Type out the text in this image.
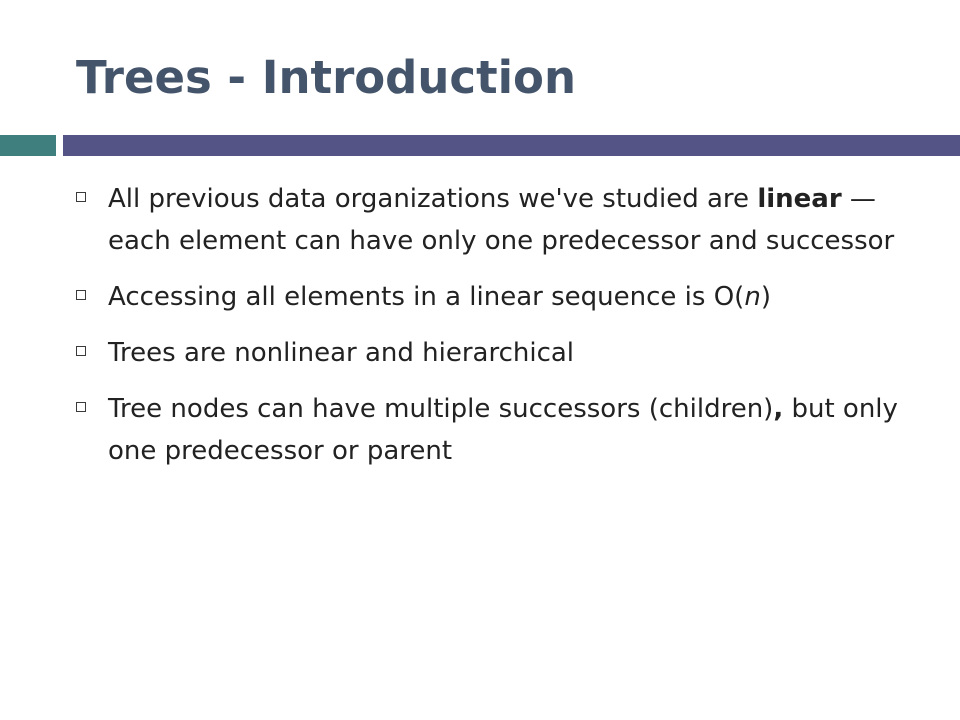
Trees - Introduction
All previous data organizations we've studied are linear — each element can have only one predecessor and successor
Accessing all elements in a linear sequence is O(n)
Trees are nonlinear and hierarchical
Tree nodes can have multiple successors (children), but only one predecessor or parent
